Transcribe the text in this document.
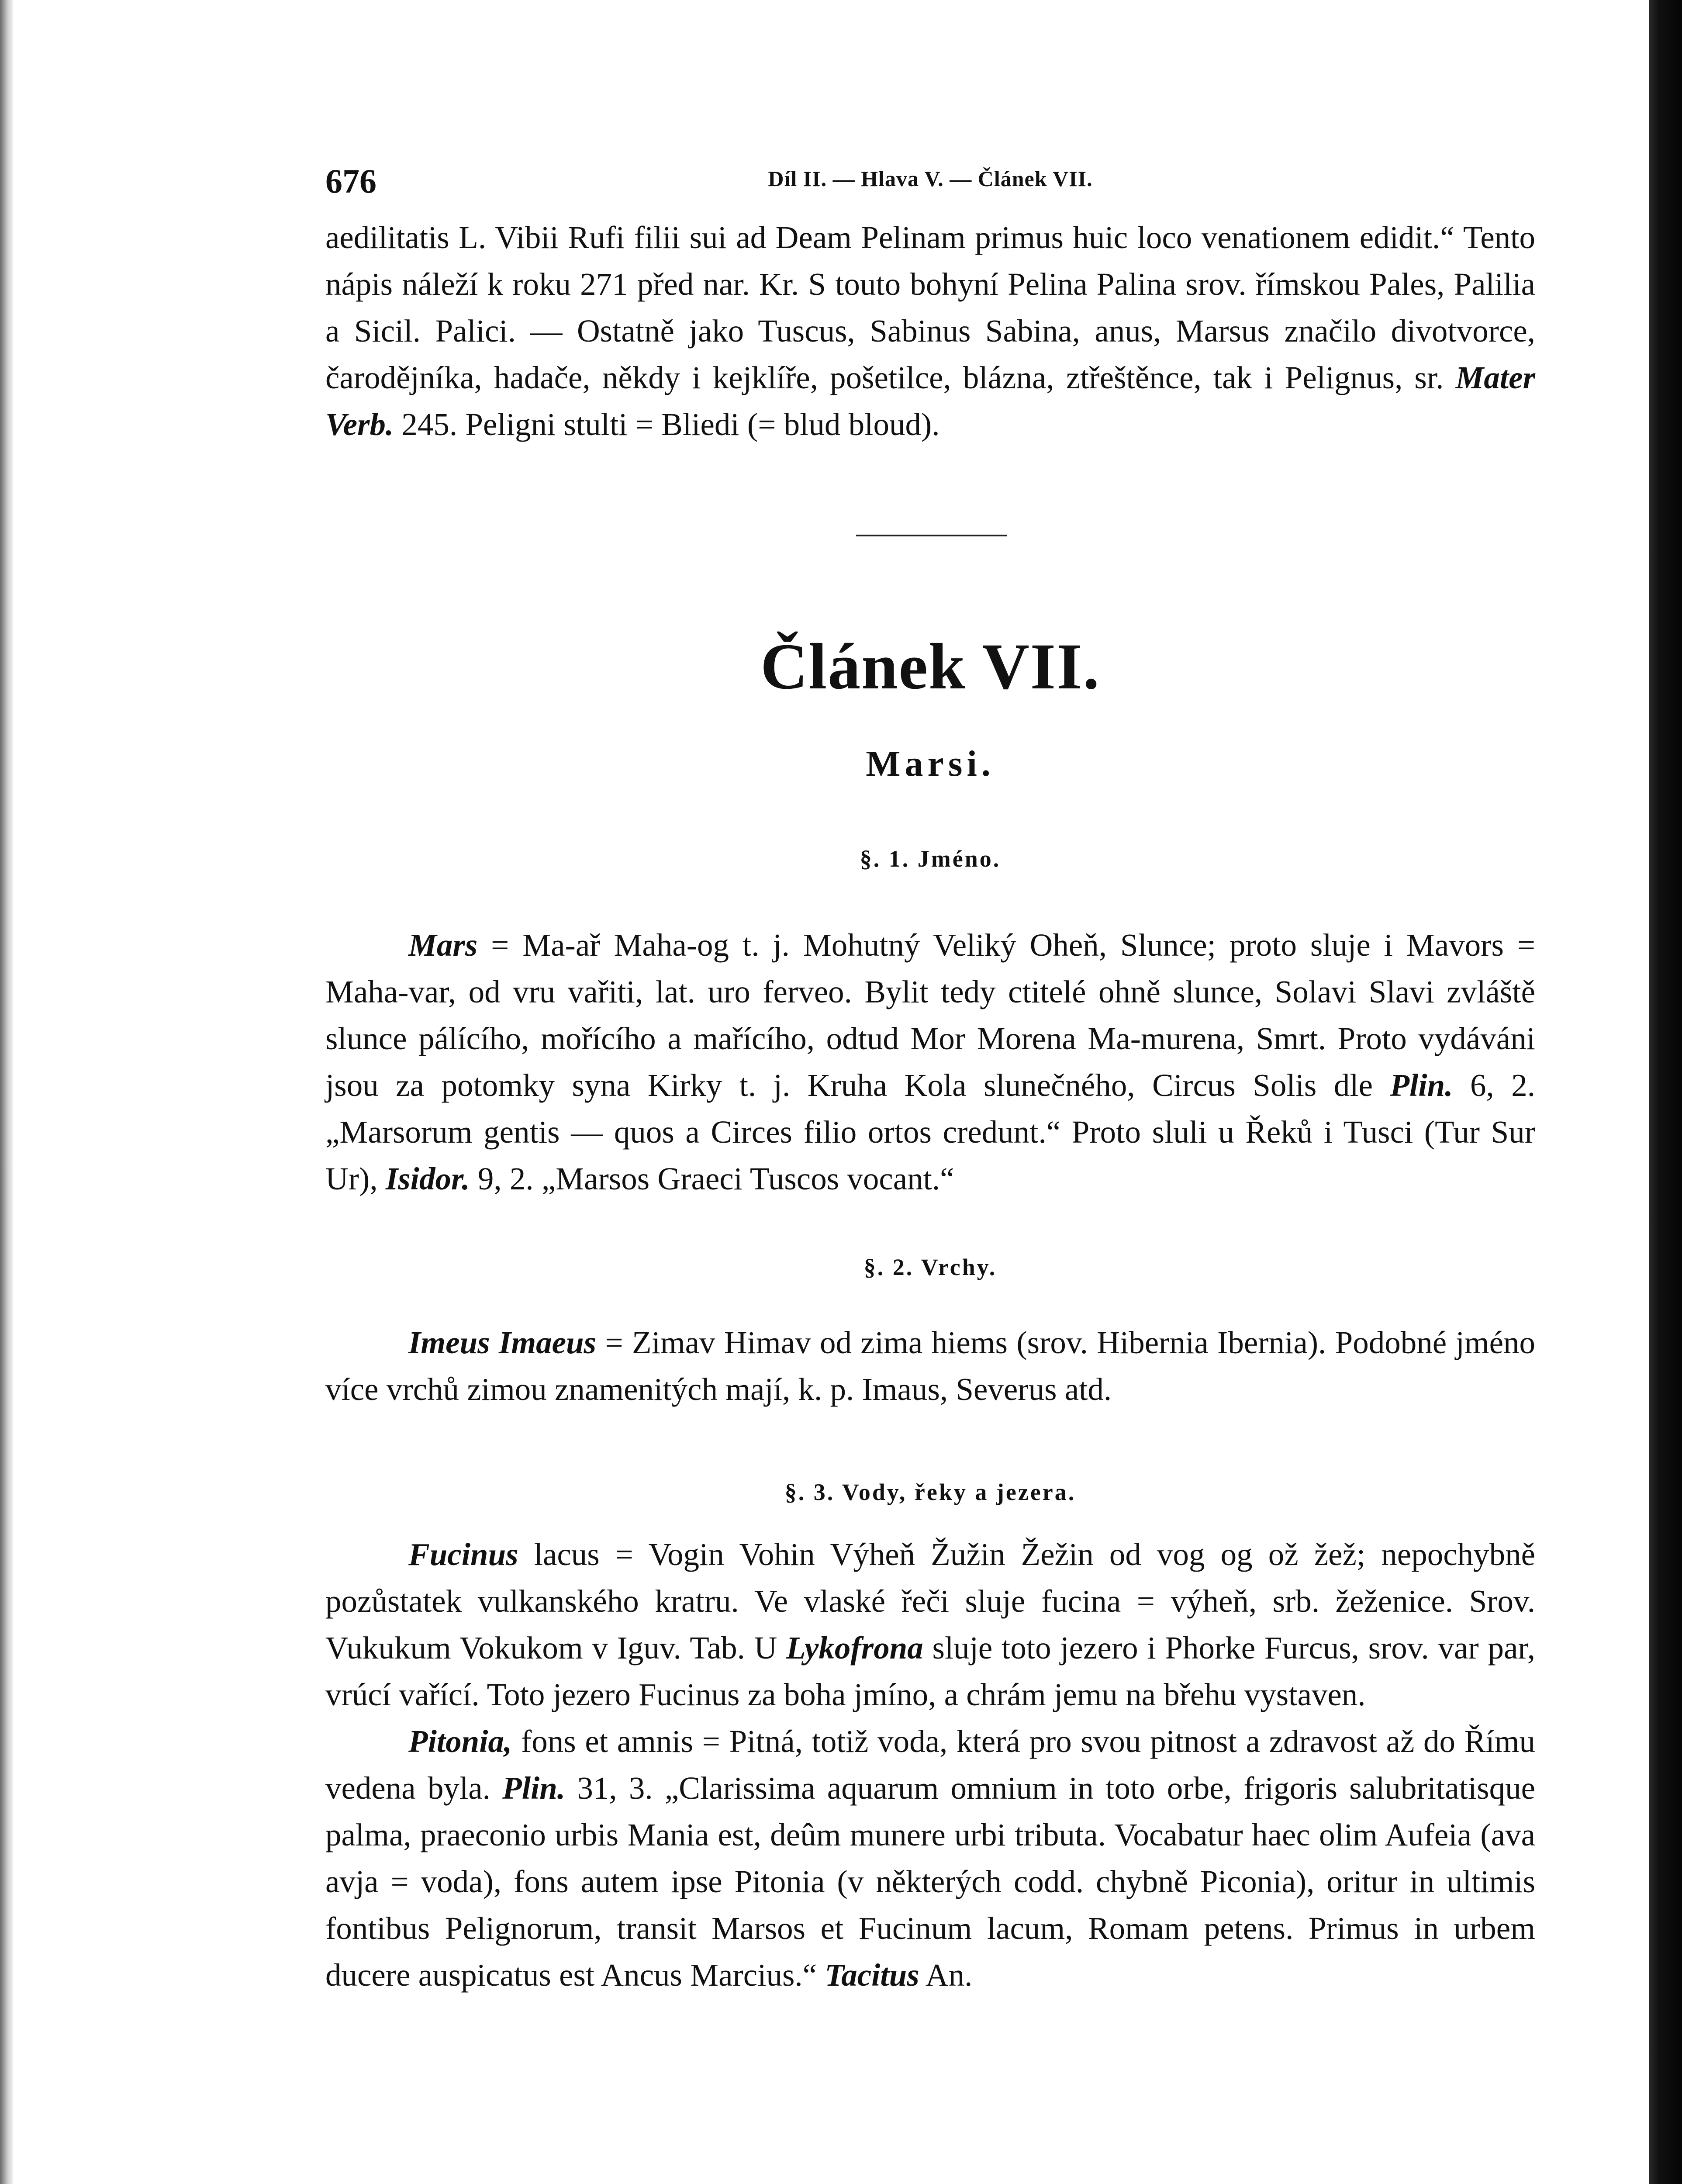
676	Díl II. — Hlava V. — Článek VII.

aedilitatis L. Vibii Rufi filii sui ad Deam Pelinam primus huic loco venationem edidit.“ Tento nápis náleží k roku 271 před nar. Kr. S touto bohyní Pelina Palina srov. římskou Pales, Palilia a Sicil. Palici. — Ostatně jako Tuscus, Sabinus Sabina, anus, Marsus značilo divotvorce, čarodějníka, hadače, někdy i kejklíře, pošetilce, blázna, ztřeštěnce, tak i Pelignus, sr. Mater Verb. 245. Peligni stulti = Bliedi (= blud bloud).

Článek VII.
Marsi.
§. 1. Jméno.

Mars = Ma-ař Maha-og t. j. Mohutný Veliký Oheň, Slunce; proto sluje i Mavors = Maha-var, od vru vařiti, lat. uro ferveo. Bylit tedy ctitelé ohně slunce, Solavi Slavi zvláště slunce pálícího, mořícího a mařícího, odtud Mor Morena Ma-murena, Smrt. Proto vydáváni jsou za potomky syna Kirky t. j. Kruha Kola slunečného, Circus Solis dle Plin. 6, 2. „Marsorum gentis — quos a Circes filio ortos credunt.“ Proto sluli u Řeků i Tusci (Tur Sur Ur), Isidor. 9, 2. „Marsos Graeci Tuscos vocant.“

§. 2. Vrchy.

Imeus Imaeus = Zimav Himav od zima hiems (srov. Hibernia Ibernia). Podobné jméno více vrchů zimou znamenitých mají, k. p. Imaus, Severus atd.

§. 3. Vody, řeky a jezera.

Fucinus lacus = Vogin Vohin Výheň Žužin Žežin od vog og ož žež; nepochybně pozůstatek vulkanského kratru. Ve vlaské řeči sluje fucina = výheň, srb. žeženice. Srov. Vukukum Vokukom v Iguv. Tab. U Lykofrona sluje toto jezero i Phorke Furcus, srov. var par, vrúcí vařící. Toto jezero Fucinus za boha jmíno, a chrám jemu na břehu vystaven.

Pitonia, fons et amnis = Pitná, totiž voda, která pro svou pitnost a zdravost až do Římu vedena byla. Plin. 31, 3. „Clarissima aquarum omnium in toto orbe, frigoris salubritatisque palma, praeconio urbis Mania est, deûm munere urbi tributa. Vocabatur haec olim Aufeia (ava avja = voda), fons autem ipse Pitonia (v některých codd. chybně Piconia), oritur in ultimis fontibus Pelignorum, transit Marsos et Fucinum lacum, Romam petens. Primus in urbem ducere auspicatus est Ancus Marcius.“ Tacitus An.
